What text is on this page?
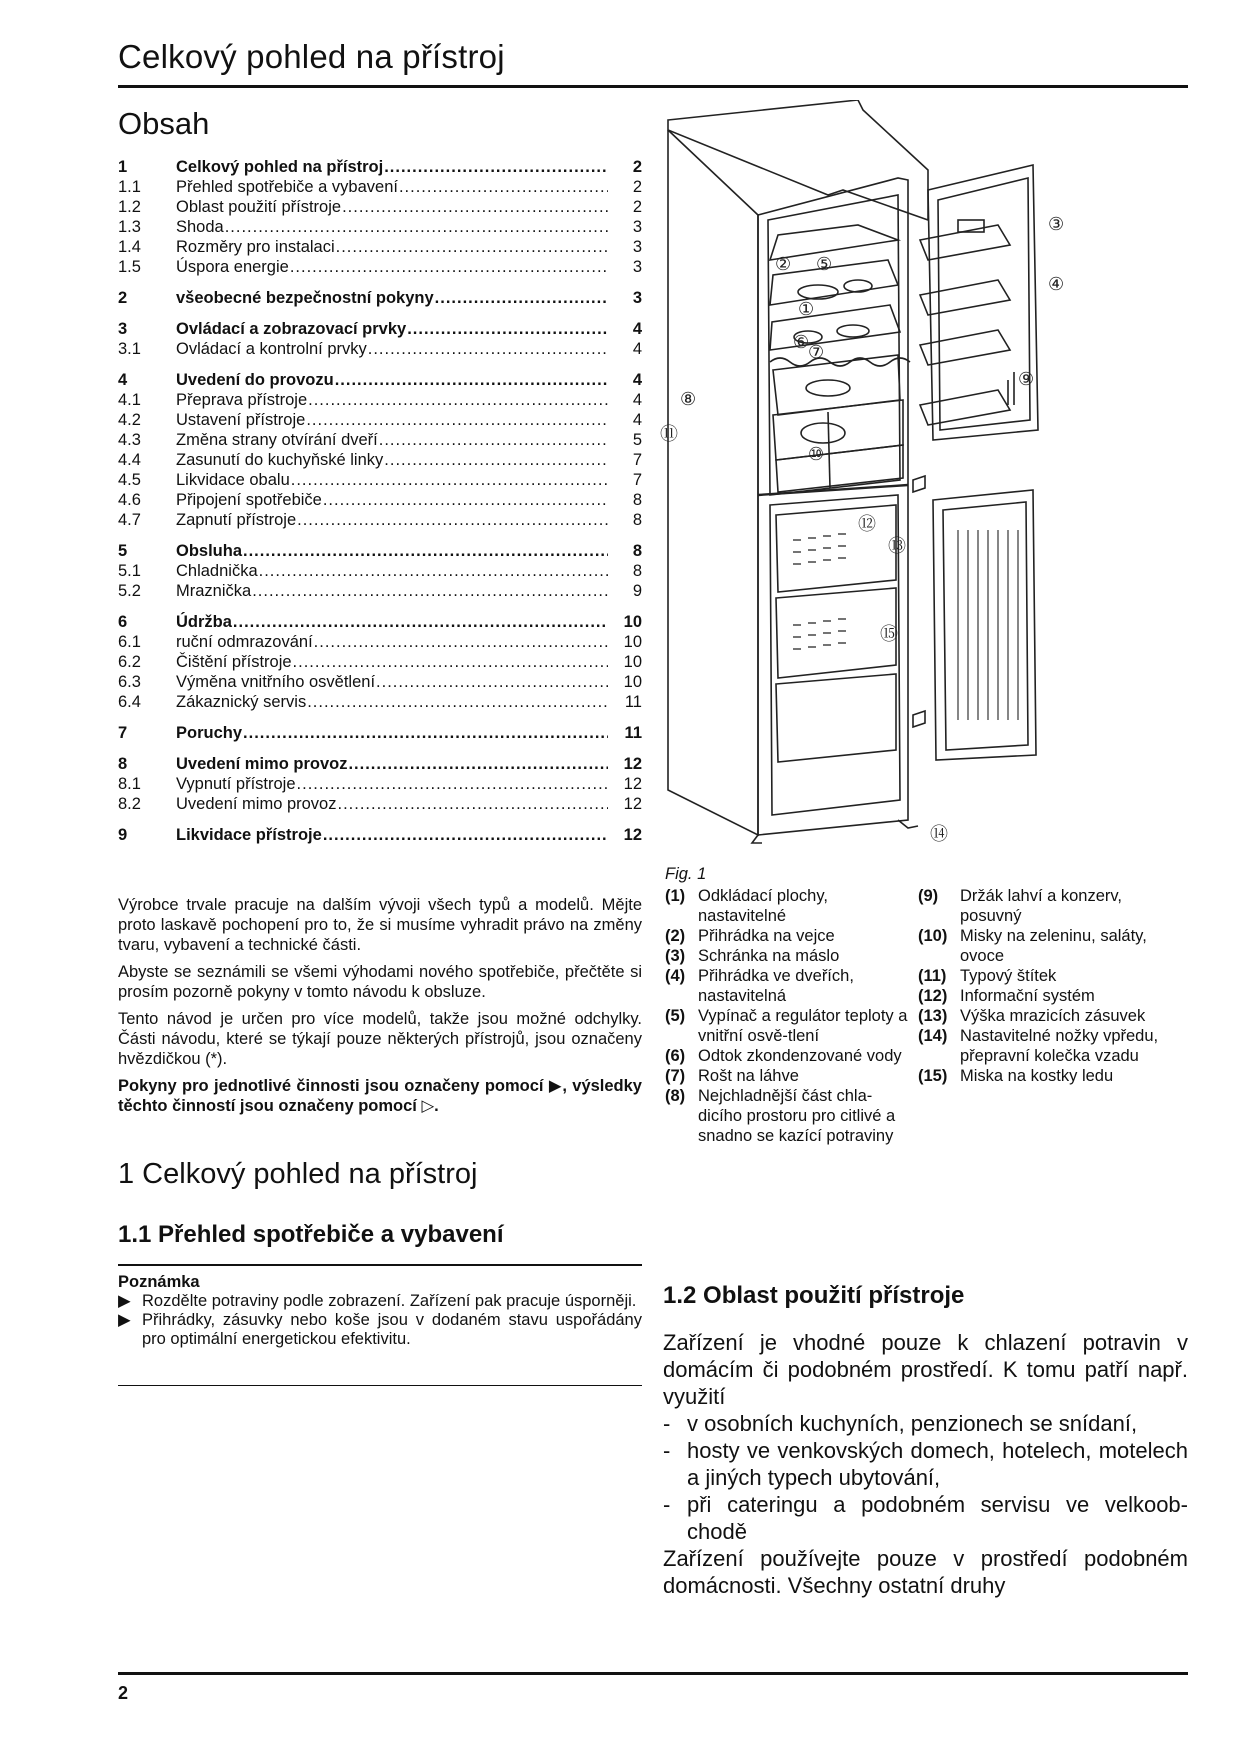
Celkový pohled na přístroj
Obsah
1	Celkový pohled na přístroj .....	2
1.1	Přehled spotřebiče a vybavení .....	2
1.2	Oblast použití přístroje .....	2
1.3	Shoda .....	3
1.4	Rozměry pro instalaci .....	3
1.5	Úspora energie .....	3
2	všeobecné bezpečnostní pokyny .....	3
3	Ovládací a zobrazovací prvky .....	4
3.1	Ovládací a kontrolní prvky .....	4
4	Uvedení do provozu .....	4
4.1	Přeprava přístroje .....	4
4.2	Ustavení přístroje .....	4
4.3	Změna strany otvírání dveří .....	5
4.4	Zasunutí do kuchyňské linky .....	7
4.5	Likvidace obalu .....	7
4.6	Připojení spotřebiče .....	8
4.7	Zapnutí přístroje .....	8
5	Obsluha .....	8
5.1	Chladnička .....	8
5.2	Mraznička .....	9
6	Údržba .....	10
6.1	ruční odmrazování .....	10
6.2	Čištění přístroje .....	10
6.3	Výměna vnitřního osvětlení .....	10
6.4	Zákaznický servis .....	11
7	Poruchy .....	11
8	Uvedení mimo provoz .....	12
8.1	Vypnutí přístroje .....	12
8.2	Uvedení mimo provoz .....	12
9	Likvidace přístroje .....	12

Výrobce trvale pracuje na dalším vývoji všech typů a modelů. Mějte proto laskavě pochopení pro to, že si musíme vyhradit právo na změny tvaru, vybavení a technické části.

Abyste se seznámili se všemi výhodami nového spotřebiče, přečtěte si prosím pozorně pokyny v tomto návodu k obsluze.

Tento návod je určen pro více modelů, takže jsou možné odchylky. Části návodu, které se týkají pouze některých přístrojů, jsou označeny hvězdičkou (*).

Pokyny pro jednotlivé činnosti jsou označeny pomocí ▶, výsledky těchto činností jsou označeny pomocí ▷.

1 Celkový pohled na přístroj
1.1 Přehled spotřebiče a vybavení
Poznámka
▶ Rozdělte potraviny podle zobrazení. Zařízení pak pracuje úsporněji.
▶ Přihrádky, zásuvky nebo koše jsou v dodaném stavu uspořádány pro optimální energetickou efektivitu.
①
②
③
④
⑤
⑥
⑦
⑧
⑨
⑩
⑪
⑫
⑬
⑭
⑮
Fig. 1
(1) Odkládací plochy, nastavitelné
(2) Přihrádka na vejce
(3) Schránka na máslo
(4) Přihrádka ve dveřích, nastavitelná
(5) Vypínač a regulátor teploty a vnitřní osvě-tlení
(6) Odtok zkondenzované vody
(7) Rošt na láhve
(8) Nejchladnější část chla-dicího prostoru pro citlivé a snadno se kazící potraviny
(9)	Držák lahví a konzerv, posuvný
(10) Misky na zeleninu, saláty, ovoce
(11) Typový štítek
(12) Informační systém
(13) Výška mrazicích zásuvek
(14) Nastavitelné nožky vpředu, přepravní kolečka vzadu
(15) Miska na kostky ledu
1.2 Oblast použití přístroje

Zařízení je vhodné pouze k chlazení potravin v domácím či podobném prostředí. K tomu patří např. využití

- v osobních kuchyních, penzionech se snídaní,
- hosty ve venkovských domech, hotelech, motelech a jiných typech ubytování,
- při cateringu a podobném servisu ve velkoob-chodě

Zařízení používejte pouze v prostředí podobném domácnosti. Všechny ostatní druhy

2
